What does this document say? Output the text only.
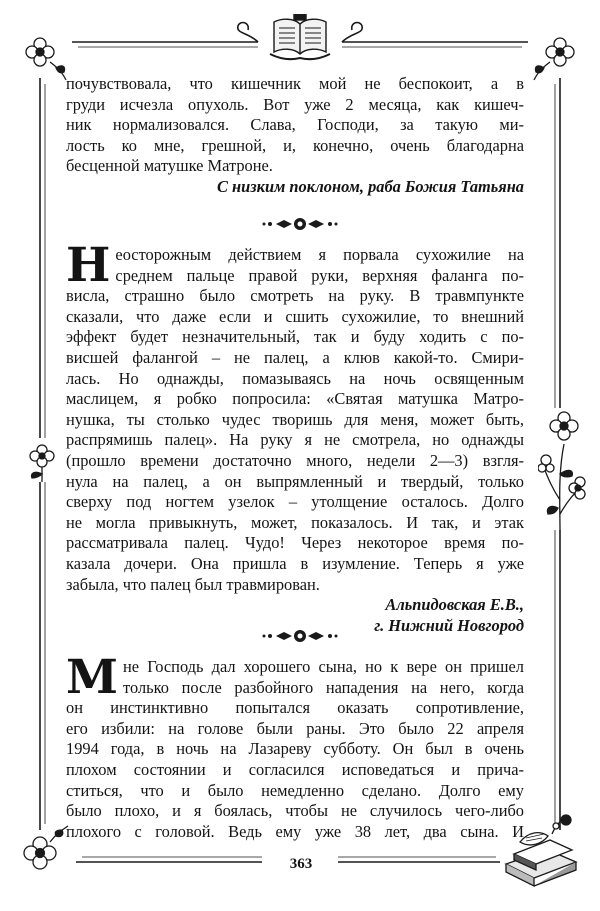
почувствовала, что кишечник мой не беспокоит, а в

груди исчезла опухоль. Вот уже 2 месяца, как кишеч-

ник нормализовался. Слава, Господи, за такую ми-

лость ко мне, грешной, и, конечно, очень благодарна

бесценной матушке Матроне.

С низким поклоном, раба Божия Татьяна

Н еосторожным действием я порвала сухожилие на

среднем пальце правой руки, верхняя фаланга по-

висла, страшно было смотреть на руку. В травмпункте

сказали, что даже если и сшить сухожилие, то внешний

эффект будет незначительный, так и буду ходить с по-

висшей фалангой – не палец, а клюв какой-то. Смири-

лась. Но однажды, помазываясь на ночь освященным

маслицем, я робко попросила: «Святая матушка Матро-

нушка, ты столько чудес творишь для меня, может быть,

распрямишь палец». На руку я не смотрела, но однажды

(прошло времени достаточно много, недели 2—3) взгля-

нула на палец, а он выпрямленный и твердый, только

сверху под ногтем узелок – утолщение осталось. Долго

не могла привыкнуть, может, показалось. И так, и этак

рассматривала палец. Чудо! Через некоторое время по-

казала дочери. Она пришла в изумление. Теперь я уже

забыла, что палец был травмирован.

Альпидовская Е.В.,

г. Нижний Новгород

М не Господь дал хорошего сына, но к вере он пришел

только после разбойного нападения на него, когда

он инстинктивно попытался оказать сопротивление,

его избили: на голове были раны. Это было 22 апреля

1994 года, в ночь на Лазареву субботу. Он был в очень

плохом состоянии и согласился исповедаться и прича-

ститься, что и было немедленно сделано. Долго ему

было плохо, и я боялась, чтобы не случилось чего-либо

плохого с головой. Ведь ему уже 38 лет, два сына. И

363
